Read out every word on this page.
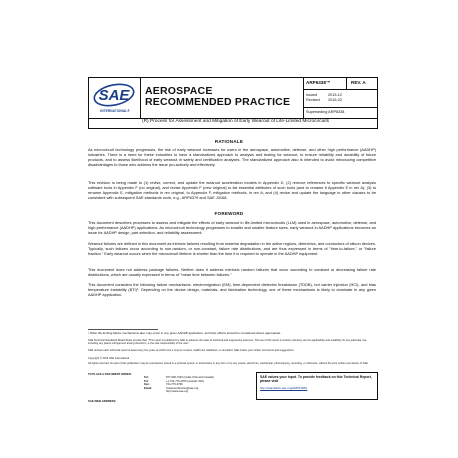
SAE
INTERNATIONAL®
AEROSPACE
RECOMMENDED PRACTICE
ARP6338™	REV. A
Issued	2015-12
Revised 2016-02
Superseding ARP6338
(R) Process for Assessment and Mitigation of Early Wearout of Life-Limited Microcircuits
RATIONALE
As microcircuit technology progresses, the risk of early wearout increases for users in the aerospace, automotive, defense, and other high performance (AADHP) industries. There is a need for these industries to have a standardized approach to analysis and testing for wearout, to ensure reliability and durability of future products, and to assess likelihood of early wearout in safety and certification analyses. The standardized approach also is intended to avoid introducing competitive disadvantages to those who address the issue pro-actively and effectively.
This revision is being made to (1) revise, correct, and update the wearout acceleration models in Appendix D, (2) remove references to specific wearout analysis software tools in Appendix F (no original), and revise Appendix F (new original) to list essential attributes of such tools (and to rename it Appendix E in rev A); (3) to rename Appendix E, mitigation methods in rev original, to Appendix F, mitigation methods, in rev A; and (4) revise and update the language in other clauses to be consistent with subsequent SAE standards work, e.g., ARP6379 and SAE J3168.
FOREWORD
This document describes processes to assess and mitigate the effects of early wearout in life-limited microcircuits (LLM) used in aerospace, automotive, defense, and high-performance (AADHP) applications. As microcircuit technology progresses to smaller and smaller feature sizes, early wearout in AADHP applications becomes an issue for AADHP design, part selection, and reliability assessment.
Wearout failures are defined in this document as intrinsic failures resulting from material degradation in the active regions, dielectrics, and conductors of silicon devices. Typically, such failures occur according to non-random, or non-constant, failure rate distributions, and are thus expressed in terms of "time-to-failure," or "failure fraction." Early wearout occurs when the microcircuit lifetime is shorter than the time it is required to operate in the AADHP equipment.
This document does not address package failures. Neither does it address extrinsic random failures that occur according to constant or decreasing failure rate distributions, which are usually expressed in terms of "mean time between failures."
This document considers the following failure mechanisms: electromigration (EM), time-dependent dielectric breakdown (TDDB), hot carrier injection (HCI), and bias temperature instability (BTI)¹. Depending on the device design, materials, and fabrication technology, one of these mechanisms is likely to dominate in any given AADHP application.
¹ Other life-limiting failure mechanisms also may occur in any given AADHP application, and their effects should be considered where appropriate.
SAE Technical Standards Board Rules provide that: "This report is published by SAE to advance the state of technical and engineering sciences. The use of this report is entirely voluntary, and its applicability and suitability for any particular use, including any patent infringement arising therefrom, is the sole responsibility of the user."
SAE reviews each technical report at least every five years at which time it may be revised, reaffirmed, stabilized, or cancelled. SAE invites your written comments and suggestions.
Copyright © 2016 SAE International
All rights reserved. No part of this publication may be reproduced, stored in a retrieval system or transmitted, in any form or by any means, electronic, mechanical, photocopying, recording, or otherwise, without the prior written permission of SAE.
TO PLACE A DOCUMENT ORDER:
Tel:	877-606-7323 (inside USA and Canada)
Tel:	+1 724-776-4970 (outside USA)
Fax:	724-776-0790
Email:	CustomerService@sae.org
http://www.sae.org
SAE WEB ADDRESS:
SAE values your input. To provide feedback on this Technical Report, please visit
http://standards.sae.org/ARP6338A
